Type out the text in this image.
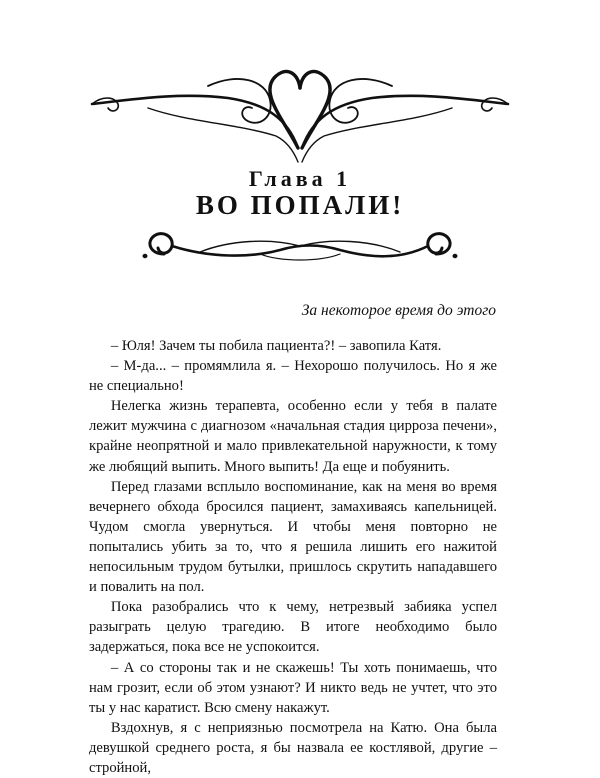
Глава 1
ВО ПОПАЛИ!
За некоторое время до этого

– Юля! Зачем ты побила пациента?! – завопила Катя.

– М-да... – промямлила я. – Нехорошо получилось. Но я же не специально!

Нелегка жизнь терапевта, особенно если у тебя в палате лежит мужчина с диагнозом «начальная стадия цирроза печени», крайне неопрятной и мало привлекательной наружности, к тому же любящий выпить. Много выпить! Да еще и побуянить.

Перед глазами всплыло воспоминание, как на меня во время вечернего обхода бросился пациент, замахиваясь капельницей. Чудом смогла увернуться. И чтобы меня повторно не попытались убить за то, что я решила лишить его нажитой непосильным трудом бутылки, пришлось скрутить нападавшего и повалить на пол.

Пока разобрались что к чему, нетрезвый забияка успел разыграть целую трагедию. В итоге необходимо было задержаться, пока все не успокоится.

– А со стороны так и не скажешь! Ты хоть понимаешь, что нам грозит, если об этом узнают? И никто ведь не учтет, что это ты у нас каратист. Всю смену накажут.

Вздохнув, я с неприязнью посмотрела на Катю. Она была девушкой среднего роста, я бы назвала ее костлявой, другие – стройной,
